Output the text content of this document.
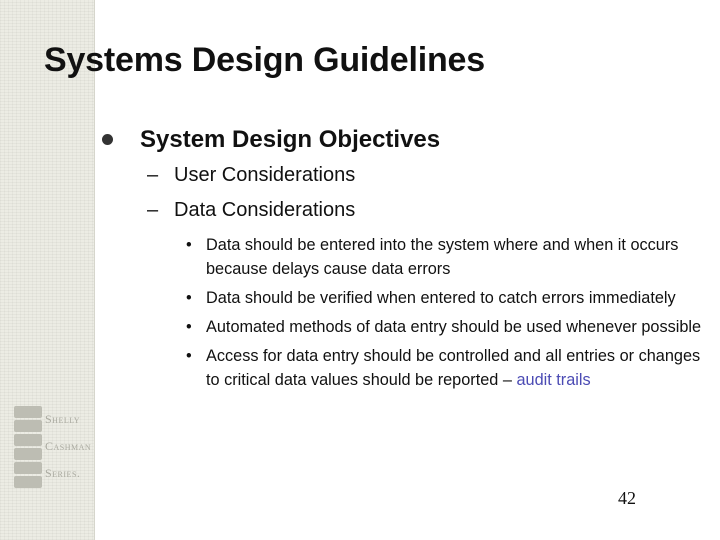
Shelly
Cashman
Series.
Systems Design Guidelines
System Design Objectives
– User Considerations
– Data Considerations
• Data should be entered into the system where and when it occurs because delays cause data errors
• Data should be verified when entered to catch errors immediately
• Automated methods of data entry should be used whenever possible
• Access for data entry should be controlled and all entries or changes to critical data values should be reported – audit trails
42
